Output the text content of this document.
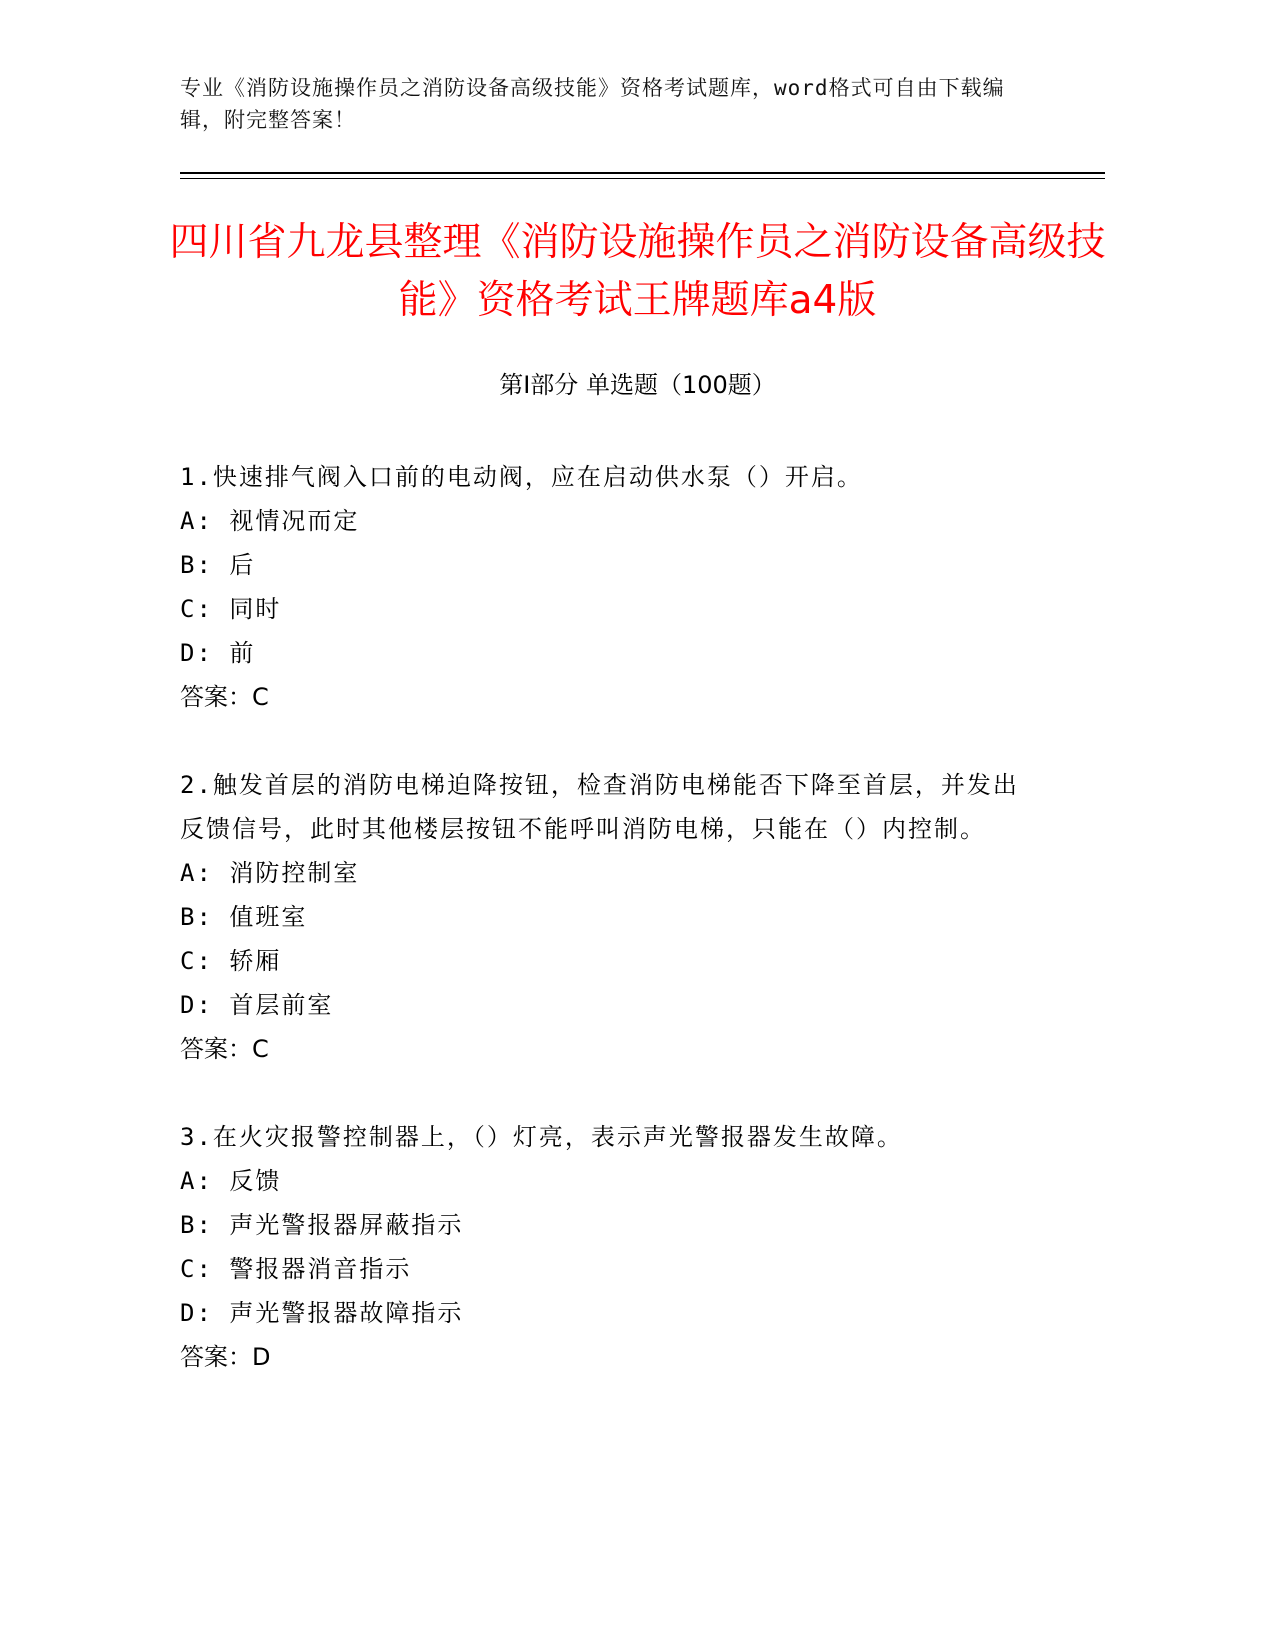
专业《消防设施操作员之消防设备高级技能》资格考试题库，word格式可自由下载编辑，附完整答案！
四川省九龙县整理《消防设施操作员之消防设备高级技能》资格考试王牌题库a4版
第Ⅰ部分 单选题（100题）

1.快速排气阀入口前的电动阀，应在启动供水泵（）开启。

A: 视情况而定
B: 后
C: 同时
D: 前
答案：C

2.触发首层的消防电梯迫降按钮，检查消防电梯能否下降至首层，并发出反馈信号，此时其他楼层按钮不能呼叫消防电梯，只能在（）内控制。

A: 消防控制室
B: 值班室
C: 轿厢
D: 首层前室
答案：C

3.在火灾报警控制器上，（）灯亮，表示声光警报器发生故障。

A: 反馈
B: 声光警报器屏蔽指示
C: 警报器消音指示
D: 声光警报器故障指示
答案：D
